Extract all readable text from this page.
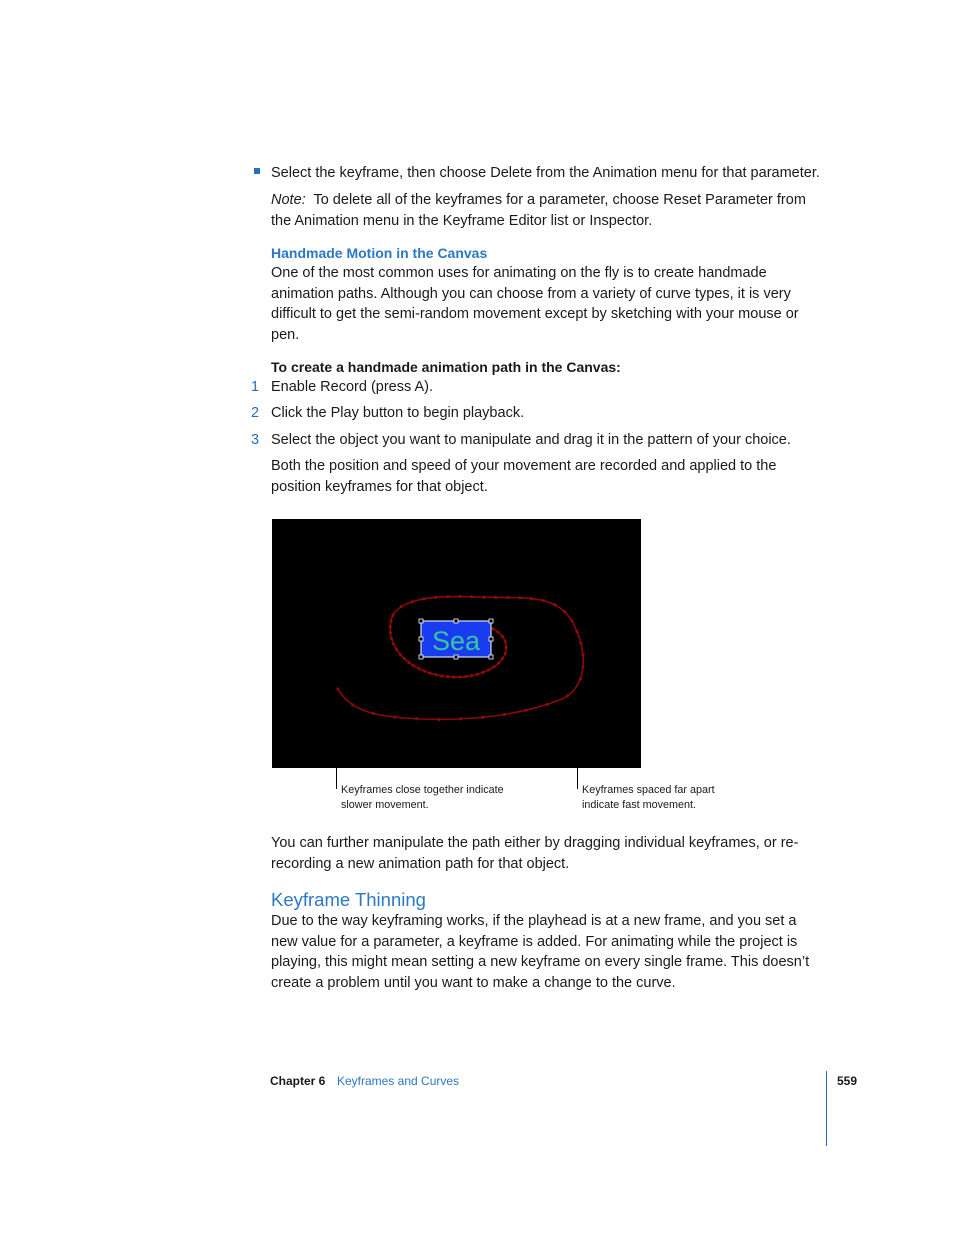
Select the keyframe, then choose Delete from the Animation menu for that parameter.
Note: To delete all of the keyframes for a parameter, choose Reset Parameter from the Animation menu in the Keyframe Editor list or Inspector.
Handmade Motion in the Canvas
One of the most common uses for animating on the fly is to create handmade animation paths. Although you can choose from a variety of curve types, it is very difficult to get the semi-random movement except by sketching with your mouse or pen.
To create a handmade animation path in the Canvas:
1 Enable Record (press A).
2 Click the Play button to begin playback.
3 Select the object you want to manipulate and drag it in the pattern of your choice.
Both the position and speed of your movement are recorded and applied to the position keyframes for that object.
Sea
Keyframes close together indicate slower movement.
Keyframes spaced far apart indicate fast movement.
You can further manipulate the path either by dragging individual keyframes, or re-recording a new animation path for that object.
Keyframe Thinning
Due to the way keyframing works, if the playhead is at a new frame, and you set a new value for a parameter, a keyframe is added. For animating while the project is playing, this might mean setting a new keyframe on every single frame. This doesn’t create a problem until you want to make a change to the curve.
Chapter 6 Keyframes and Curves	559
